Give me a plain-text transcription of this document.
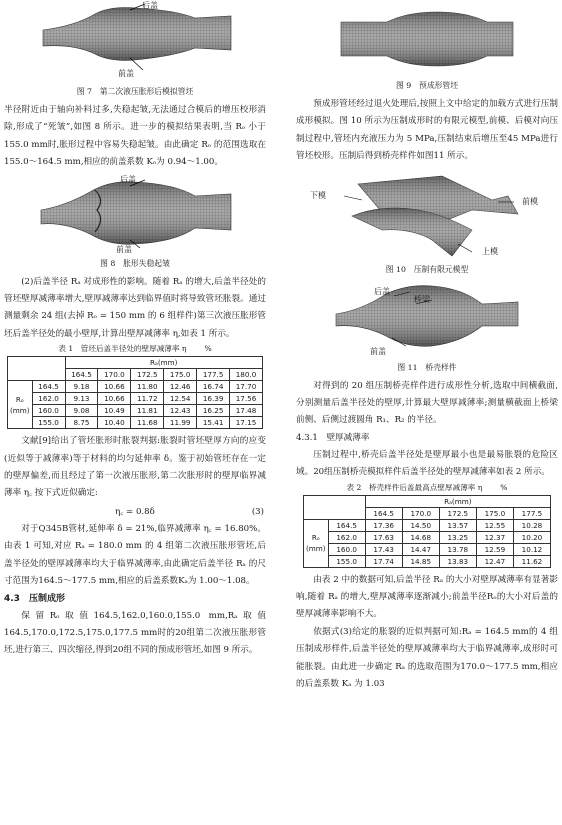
后盖
前盖
图 7　第二次液压胀形后模拟管坯

半径附近由于轴向补料过多,失稳起皱,无法通过合模后的增压校形消除,形成了“死皱”,如图 8 所示。进一步的模拟结果表明,当 Rₒ 小于155.0 mm时,胀形过程中容易失稳起皱。由此确定 Rₒ 的范围选取在155.0～164.5 mm,相应的前盖系数 Kₒ为 0.94～1.00。

后盖
前盖
图 8　胀形失稳起皱

(2)后盖半径 Rₐ 对成形性的影响。随着 Rₐ 的增大,后盖半径处的管坯壁厚减薄率增大,壁厚减薄率达到临界值时将导致管坯胀裂。通过测量剩余 24 组(去掉 Rₒ = 150 mm 的 6 组样件)第三次液压胀形管坯后盖半径处的最小壁厚,计算出壁厚减薄率 η,如表 1 所示。

表 1　管坯后盖半径处的壁厚减薄率 η %
		Rₐ(mm)					
		164.5	170.0	172.5	175.0	177.5	180.0

Rₒ
(mm)	164.5	9.18	10.66	11.80	12.46	16.74	17.70
	162.0	9.13	10.66	11.72	12.54	16.39	17.56
	160.0	9.08	10.49	11.81	12.43	16.25	17.48
	155.0	8.75	10.40	11.68	11.99	15.41	17.15

文献[9]给出了管坯胀形时胀裂判据:胀裂时管坯壁厚方向的应变(近似等于减薄率)等于材料的均匀延伸率 δ。鉴于初始管坯存在一定的壁厚偏差,而且经过了第一次液压胀形,第二次胀形时的壁厚临界减薄率 η꜀ 按下式近似确定:

η꜀ = 0.8δ	(3)

对于Q345B管材,延伸率 δ = 21%,临界减薄率 η꜀ = 16.80%。由表 1 可知,对应 Rₐ = 180.0 mm 的 4 组第二次液压胀形管坯,后盖半径处的壁厚减薄率均大于临界减薄率,由此确定后盖半径 Rₐ 的尺寸范围为164.5～177.5 mm,相应的后盖系数Kₐ为 1.00～1.08。

4.3　压制成形

保留Rₒ取值164.5,162.0,160.0,155.0 mm,Rₐ取值164.5,170.0,172.5,175.0,177.5 mm时的20组第二次液压胀形管坯,进行第三、四次缩径,得到20组不同的预成形管坯,如图 9 所示。

图 9　预成形管坯

预成形管坯经过退火处理后,按照上文中给定的加载方式进行压制成形模拟。图 10 所示为压制成形时的有限元模型,前模、后模对向压制过程中,管坯内充液压力为 5 MPa,压制结束后增压至45 MPa进行管坯校形。压制后得到桥壳样件如图11 所示。

下模
前模
上模
图 10　压制有限元模型
后盖
桥梁
前盖
图 11　桥壳样件

对得到的 20 组压制桥壳样件进行成形性分析,选取中间横截面,分别测量后盖半径处的壁厚,计算最大壁厚减薄率;测量横截面上桥梁前侧、后侧过渡圆角 R₁、R₂ 的半径。

4.3.1　壁厚减薄率

压制过程中,桥壳后盖半径处是壁厚最小也是最易胀裂的危险区域。20组压制桥壳模拟样件后盖半径处的壁厚减薄率如表 2 所示。

表 2　桥壳样件后盖最高点壁厚减薄率 η %
		Rₐ(mm)				
		164.5	170.0	172.5	175.0	177.5

Rₒ
(mm)	164.5	17.36	14.50	13.57	12.55	10.28
	162.0	17.63	14.68	13.25	12.37	10.20
	160.0	17.43	14.47	13.78	12.59	10.12
	155.0	17.74	14.85	13.83	12.47	11.62

由表 2 中的数据可知,后盖半径 Rₐ 的大小对壁厚减薄率有显著影响,随着 Rₐ 的增大,壁厚减薄率逐渐减小;前盖半径Rₒ的大小对后盖的壁厚减薄率影响不大。

依据式(3)给定的胀裂的近似判据可知:Rₐ = 164.5 mm的 4 组压制成形样件,后盖半径处的壁厚减薄率均大于临界减薄率,成形时可能胀裂。由此进一步确定 Rₐ 的选取范围为170.0～177.5 mm,相应的后盖系数 Kₐ 为 1.03
